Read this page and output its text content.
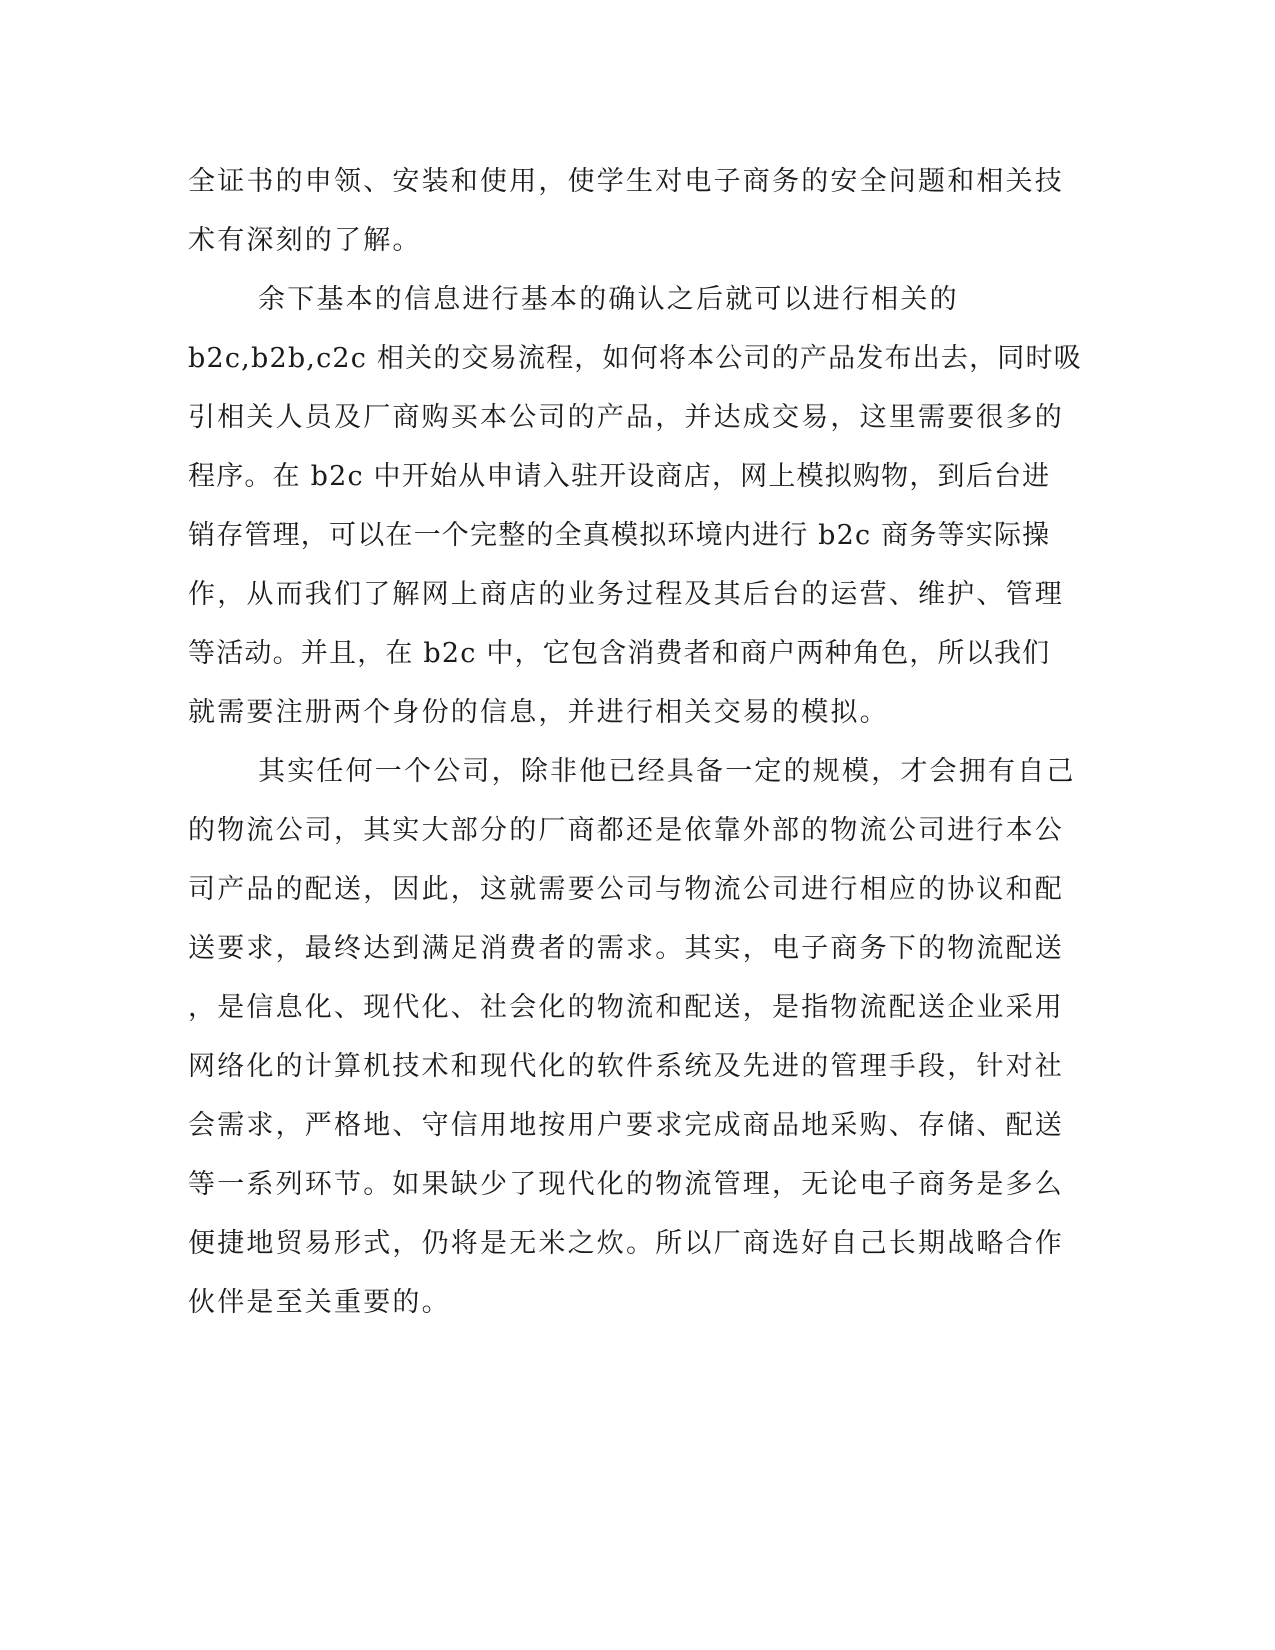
全证书的申领、安装和使用，使学生对电子商务的安全问题和相关技
术有深刻的了解。
余下基本的信息进行基本的确认之后就可以进行相关的
b2c,b2b,c2c 相关的交易流程，如何将本公司的产品发布出去，同时吸
引相关人员及厂商购买本公司的产品，并达成交易，这里需要很多的
程序。在 b2c 中开始从申请入驻开设商店，网上模拟购物，到后台进
销存管理，可以在一个完整的全真模拟环境内进行 b2c 商务等实际操
作，从而我们了解网上商店的业务过程及其后台的运营、维护、管理
等活动。并且，在 b2c 中，它包含消费者和商户两种角色，所以我们
就需要注册两个身份的信息，并进行相关交易的模拟。
其实任何一个公司，除非他已经具备一定的规模，才会拥有自己
的物流公司，其实大部分的厂商都还是依靠外部的物流公司进行本公
司产品的配送，因此，这就需要公司与物流公司进行相应的协议和配
送要求，最终达到满足消费者的需求。其实，电子商务下的物流配送
，是信息化、现代化、社会化的物流和配送，是指物流配送企业采用
网络化的计算机技术和现代化的软件系统及先进的管理手段，针对社
会需求，严格地、守信用地按用户要求完成商品地采购、存储、配送
等一系列环节。如果缺少了现代化的物流管理，无论电子商务是多么
便捷地贸易形式，仍将是无米之炊。所以厂商选好自己长期战略合作
伙伴是至关重要的。
